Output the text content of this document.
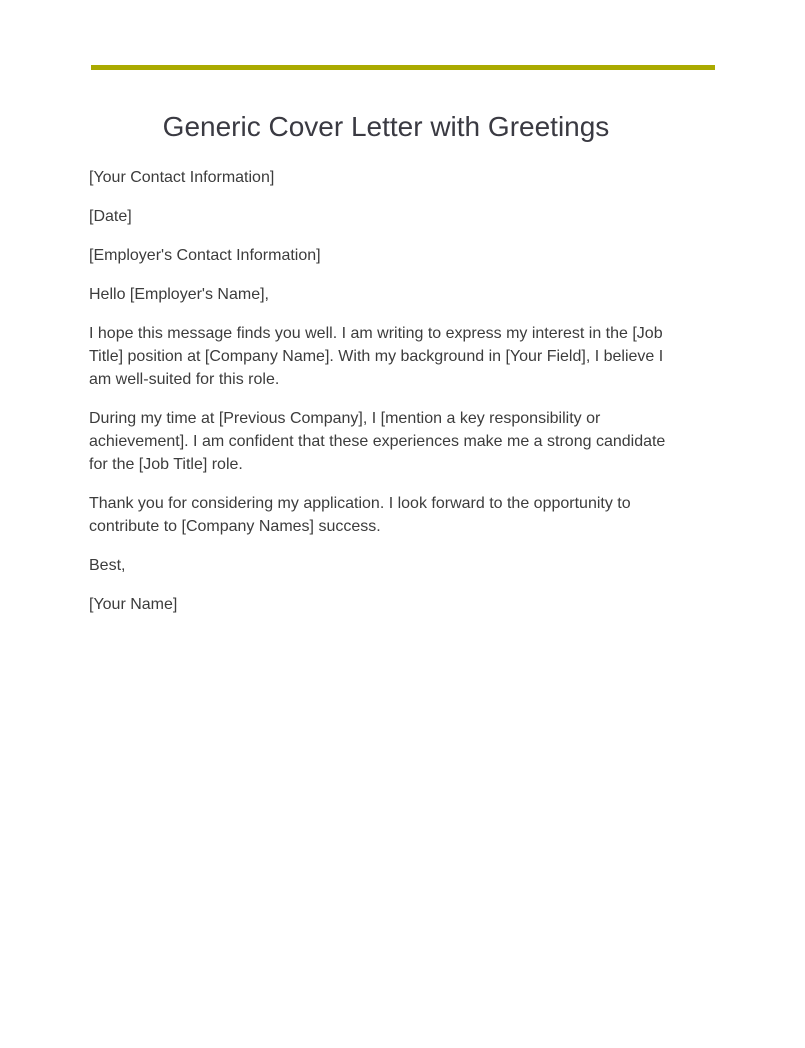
Generic Cover Letter with Greetings

[Your Contact Information]

[Date]

[Employer's Contact Information]

Hello [Employer's Name],

I hope this message finds you well. I am writing to express my interest in the [Job Title] position at [Company Name]. With my background in [Your Field], I believe I am well-suited for this role.

During my time at [Previous Company], I [mention a key responsibility or achievement]. I am confident that these experiences make me a strong candidate for the [Job Title] role.

Thank you for considering my application. I look forward to the opportunity to contribute to [Company Names] success.

Best,

[Your Name]
